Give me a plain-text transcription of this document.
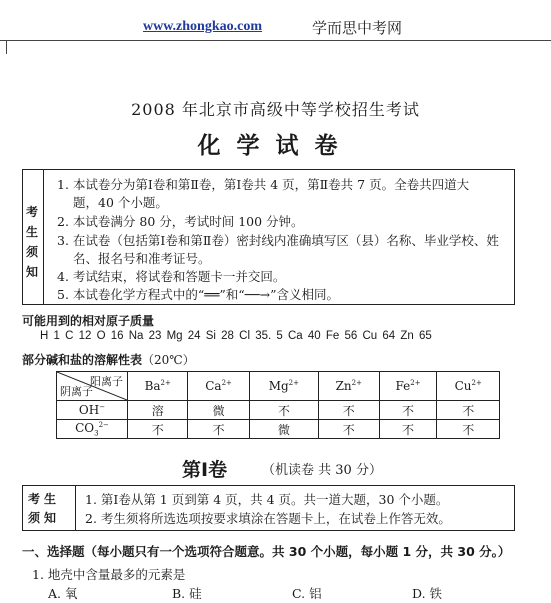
www.zhongkao.com	学而思中考网
2008 年北京市高级中等学校招生考试
化学试卷
考
生
须
知
1. 本试卷分为第Ⅰ卷和第Ⅱ卷，第Ⅰ卷共 4 页，第Ⅱ卷共 7 页。全卷共四道大
题，40 个小题。
2. 本试卷满分 80 分，考试时间 100 分钟。
3. 在试卷（包括第Ⅰ卷和第Ⅱ卷）密封线内准确填写区（县）名称、毕业学校、姓
名、报名号和准考证号。
4. 考试结束，将试卷和答题卡一并交回。
5. 本试卷化学方程式中的“══”和“──→”含义相同。
可能用到的相对原子质量
H 1 C 12 O 16 Na 23 Mg 24 Si 28 Cl 35. 5 Ca 40 Fe 56 Cu 64 Zn 65
部分碱和盐的溶解性表 （20℃）
阳离子
阴离子	$Ba^{2+}$	$Ca^{2+}$	$Mg^{2+}$	$Zn^{2+}$	$Fe^{2+}$	$Cu^{2+}$
OH−	溶	微	不	不	不	不
$CO_3^{2-}$	不	不	微	不	不	不
第Ⅰ卷	（机读卷 共 30 分）
考生
须知
1. 第Ⅰ卷从第 1 页到第 4 页，共 4 页。共一道大题，30 个小题。
2. 考生须将所选选项按要求填涂在答题卡上，在试卷上作答无效。
一、选择题（每小题只有一个选项符合题意。共 30 个小题，每小题 1 分，共 30 分。）
1. 地壳中含量最多的元素是
A. 氧	B. 硅	C. 铝	D. 铁
